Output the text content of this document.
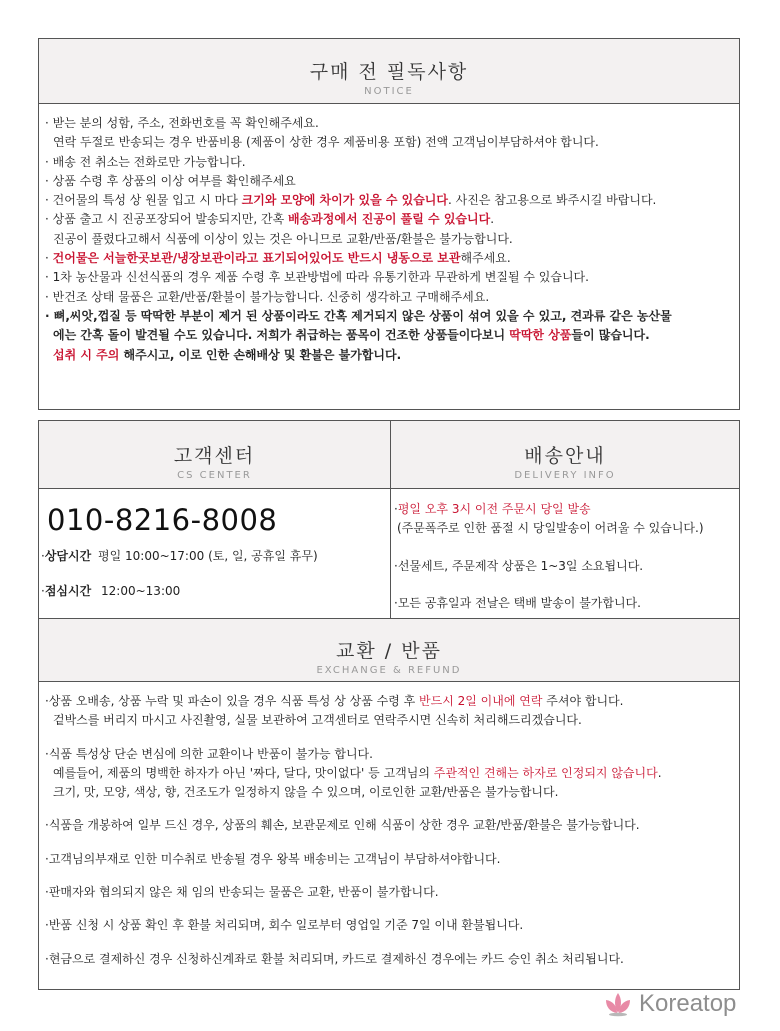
구매 전 필독사항
NOTICE
· 받는 분의 성함, 주소, 전화번호를 꼭 확인해주세요.
연락 두절로 반송되는 경우 반품비용 (제품이 상한 경우 제품비용 포함) 전액 고객님이부담하셔야 합니다.
· 배송 전 취소는 전화로만 가능합니다.
· 상품 수령 후 상품의 이상 여부를 확인해주세요
· 건어물의 특성 상 원물 입고 시 마다 크기와 모양에 차이가 있을 수 있습니다. 사진은 참고용으로 봐주시길 바랍니다.
· 상품 출고 시 진공포장되어 발송되지만, 간혹 배송과정에서 진공이 풀릴 수 있습니다.
진공이 풀렸다고해서 식품에 이상이 있는 것은 아니므로 교환/반품/환불은 불가능합니다.
· 건어물은 서늘한곳보관/냉장보관이라고 표기되어있어도 반드시 냉동으로 보관해주세요.
· 1차 농산물과 신선식품의 경우 제품 수령 후 보관방법에 따라 유통기한과 무관하게 변질될 수 있습니다.
· 반건조 상태 물품은 교환/반품/환불이 불가능합니다. 신중히 생각하고 구매해주세요.
· 뼈,씨앗,껍질 등 딱딱한 부분이 제거 된 상품이라도 간혹 제거되지 않은 상품이 섞여 있을 수 있고, 견과류 같은 농산물
에는 간혹 돌이 발견될 수도 있습니다. 저희가 취급하는 품목이 건조한 상품들이다보니 딱딱한 상품들이 많습니다.
섭취 시 주의 해주시고, 이로 인한 손해배상 및 환불은 불가합니다.
고객센터
CS CENTER
010-8216-8008
·상담시간 평일 10:00~17:00 (토, 일, 공휴일 휴무)
·점심시간 12:00~13:00
배송안내
DELIVERY INFO
·평일 오후 3시 이전 주문시 당일 발송
(주문폭주로 인한 품절 시 당일발송이 어려울 수 있습니다.)
·선물세트, 주문제작 상품은 1~3일 소요됩니다.
·모든 공휴일과 전날은 택배 발송이 불가합니다.
교환 / 반품
EXCHANGE & REFUND
·상품 오배송, 상품 누락 및 파손이 있을 경우 식품 특성 상 상품 수령 후 반드시 2일 이내에 연락 주셔야 합니다.
겉박스를 버리지 마시고 사진촬영, 실물 보관하여 고객센터로 연락주시면 신속히 처리해드리겠습니다.
·식품 특성상 단순 변심에 의한 교환이나 반품이 불가능 합니다.
예를들어, 제품의 명백한 하자가 아닌 '짜다, 달다, 맛이없다' 등 고객님의 주관적인 견해는 하자로 인정되지 않습니다.
크기, 맛, 모양, 색상, 향, 건조도가 일정하지 않을 수 있으며, 이로인한 교환/반품은 불가능합니다.
·식품을 개봉하여 일부 드신 경우, 상품의 훼손, 보관문제로 인해 식품이 상한 경우 교환/반품/환불은 불가능합니다.
·고객님의부재로 인한 미수취로 반송될 경우 왕복 배송비는 고객님이 부담하셔야합니다.
·판매자와 협의되지 않은 채 임의 반송되는 물품은 교환, 반품이 불가합니다.
·반품 신청 시 상품 확인 후 환불 처리되며, 회수 일로부터 영업일 기준 7일 이내 환불됩니다.
·현금으로 결제하신 경우 신청하신계좌로 환불 처리되며, 카드로 결제하신 경우에는 카드 승인 취소 처리됩니다.
Koreatop
